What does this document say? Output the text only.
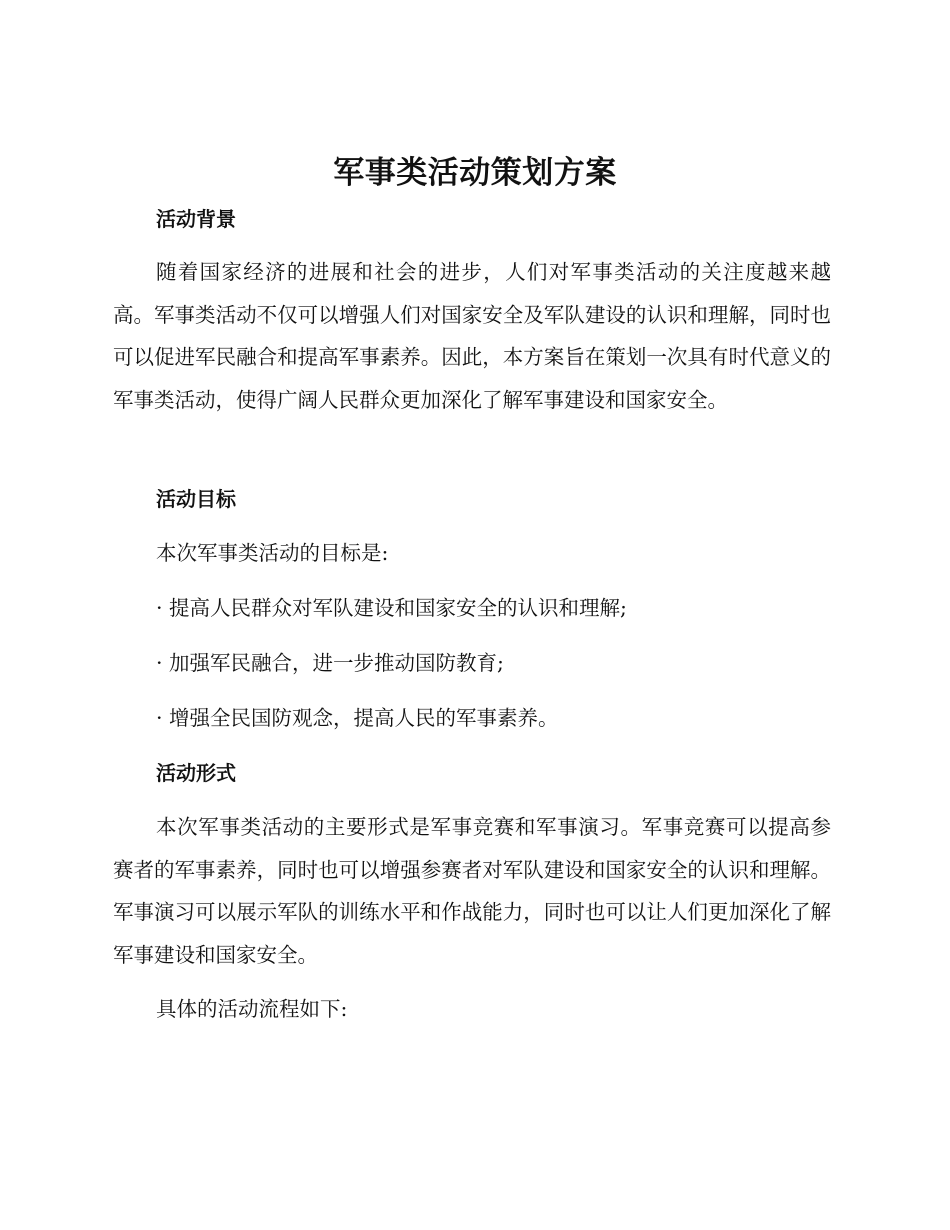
军事类活动策划方案
活动背景

随着国家经济的进展和社会的进步，人们对军事类活动的关注度越来越高。军事类活动不仅可以增强人们对国家安全及军队建设的认识和理解，同时也可以促进军民融合和提高军事素养。因此，本方案旨在策划一次具有时代意义的军事类活动，使得广阔人民群众更加深化了解军事建设和国家安全。

活动目标
本次军事类活动的目标是:
· 提高人民群众对军队建设和国家安全的认识和理解;
· 加强军民融合，进一步推动国防教育;
· 增强全民国防观念，提高人民的军事素养。
活动形式

本次军事类活动的主要形式是军事竞赛和军事演习。军事竞赛可以提高参赛者的军事素养，同时也可以增强参赛者对军队建设和国家安全的认识和理解。军事演习可以展示军队的训练水平和作战能力，同时也可以让人们更加深化了解军事建设和国家安全。

具体的活动流程如下:
